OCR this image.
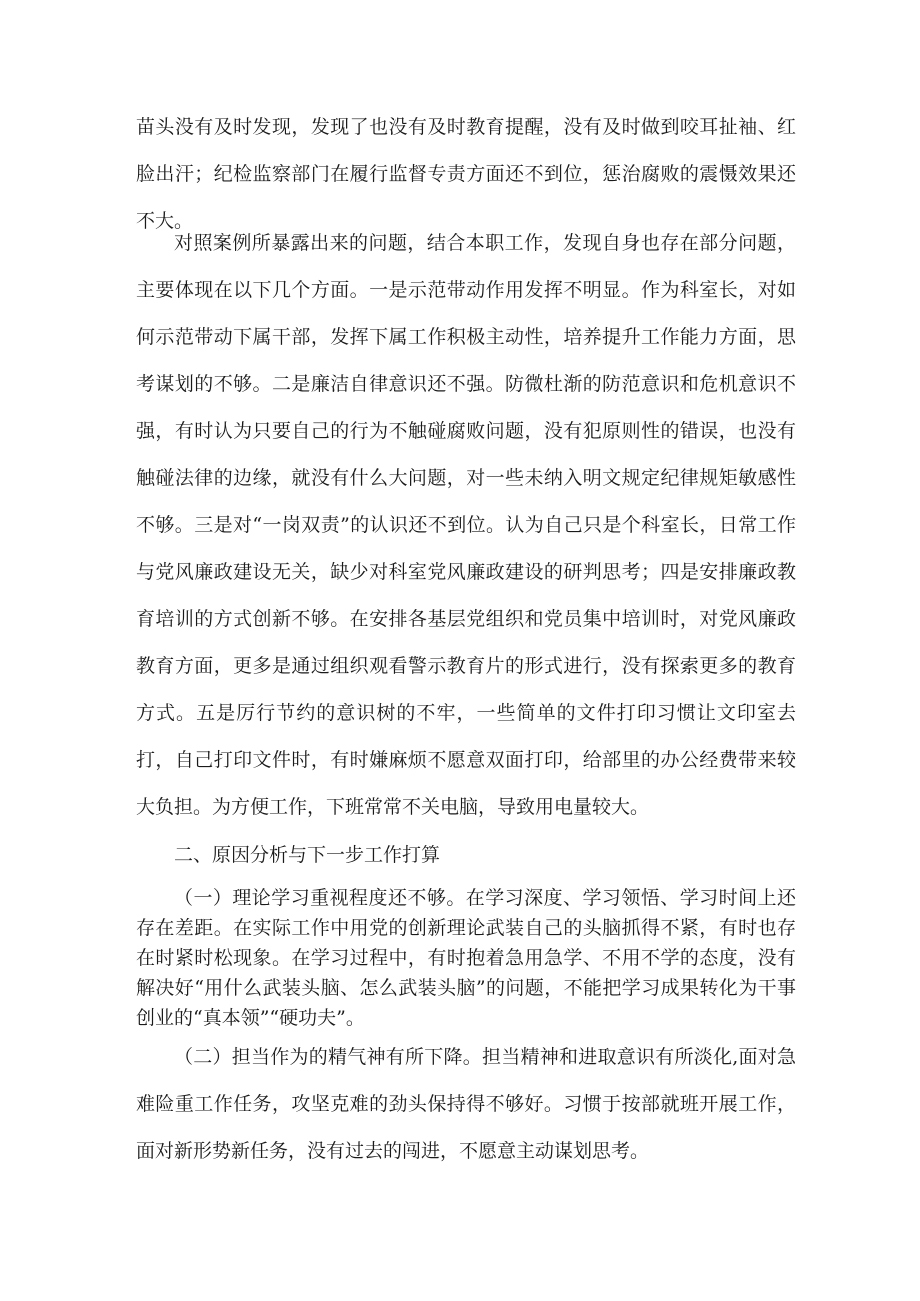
苗头没有及时发现，发现了也没有及时教育提醒，没有及时做到咬耳扯袖、红脸出汗；纪检监察部门在履行监督专责方面还不到位，惩治腐败的震慑效果还不大。

对照案例所暴露出来的问题，结合本职工作，发现自身也存在部分问题，主要体现在以下几个方面。一是示范带动作用发挥不明显。作为科室长，对如何示范带动下属干部，发挥下属工作积极主动性，培养提升工作能力方面，思考谋划的不够。二是廉洁自律意识还不强。防微杜渐的防范意识和危机意识不强，有时认为只要自己的行为不触碰腐败问题，没有犯原则性的错误，也没有触碰法律的边缘，就没有什么大问题，对一些未纳入明文规定纪律规矩敏感性不够。三是对“一岗双责”的认识还不到位。认为自己只是个科室长，日常工作与党风廉政建设无关，缺少对科室党风廉政建设的研判思考；四是安排廉政教育培训的方式创新不够。在安排各基层党组织和党员集中培训时，对党风廉政教育方面，更多是通过组织观看警示教育片的形式进行，没有探索更多的教育方式。五是厉行节约的意识树的不牢，一些简单的文件打印习惯让文印室去打，自己打印文件时，有时嫌麻烦不愿意双面打印，给部里的办公经费带来较大负担。为方便工作，下班常常不关电脑，导致用电量较大。

二、原因分析与下一步工作打算

（一）理论学习重视程度还不够。在学习深度、学习领悟、学习时间上还存在差距。在实际工作中用党的创新理论武装自己的头脑抓得不紧，有时也存在时紧时松现象。在学习过程中，有时抱着急用急学、不用不学的态度，没有解决好“用什么武装头脑、怎么武装头脑”的问题，不能把学习成果转化为干事创业的“真本领”“硬功夫”。

（二）担当作为的精气神有所下降。担当精神和进取意识有所淡化,面对急难险重工作任务，攻坚克难的劲头保持得不够好。习惯于按部就班开展工作，面对新形势新任务，没有过去的闯进，不愿意主动谋划思考。
